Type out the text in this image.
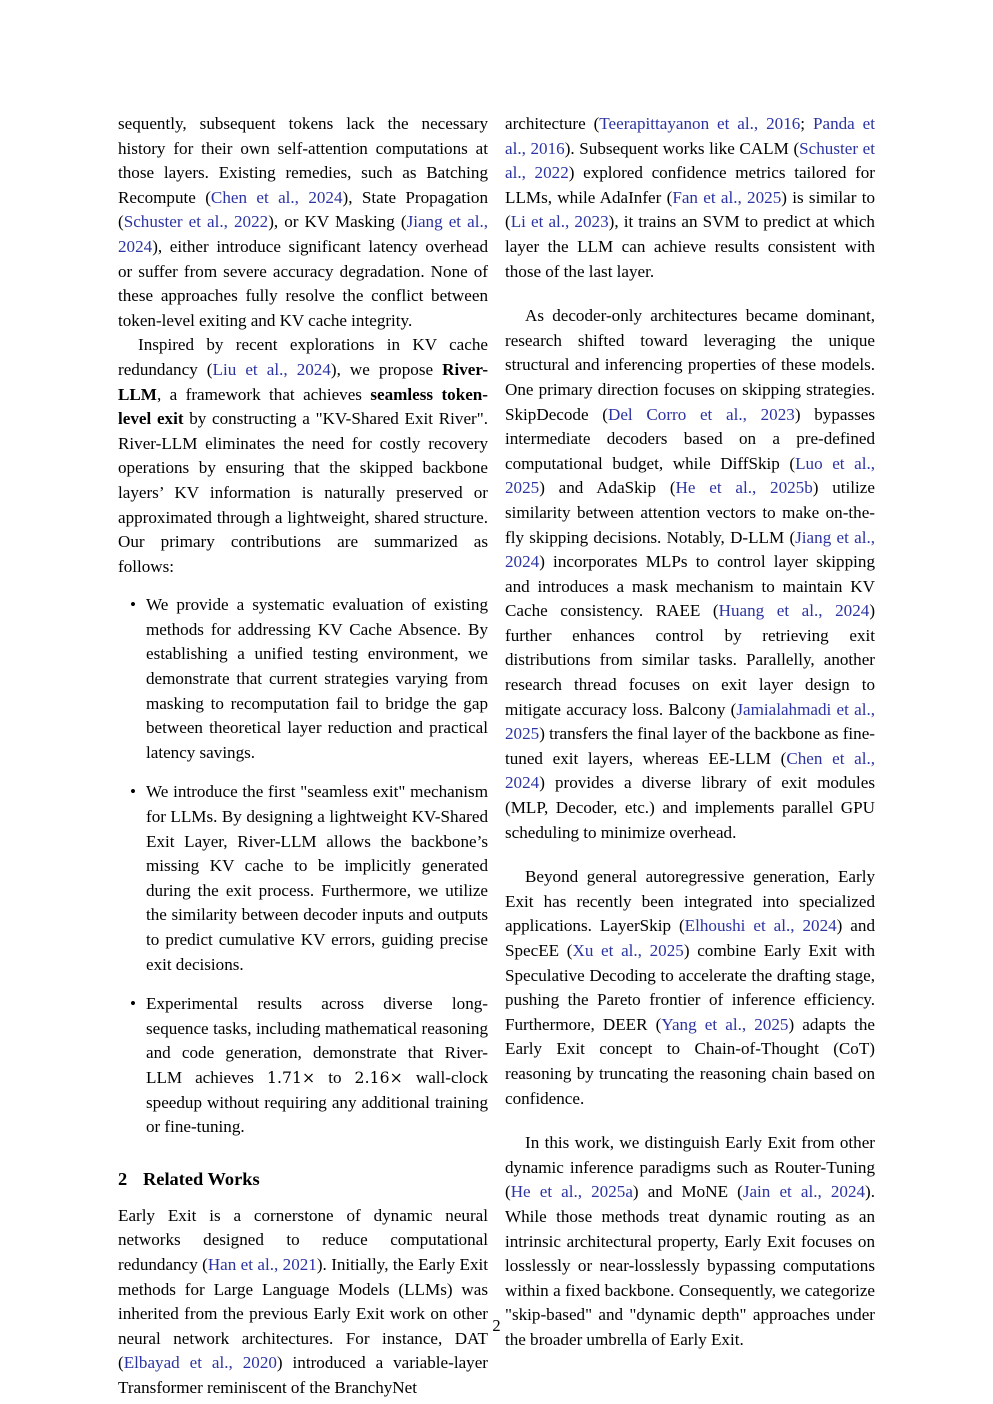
sequently, subsequent tokens lack the necessary history for their own self-attention computations at those layers. Existing remedies, such as Batching Recompute (Chen et al., 2024), State Propagation (Schuster et al., 2022), or KV Masking (Jiang et al., 2024), either introduce significant latency overhead or suffer from severe accuracy degradation. None of these approaches fully resolve the conflict between token-level exiting and KV cache integrity.

Inspired by recent explorations in KV cache redundancy (Liu et al., 2024), we propose River-LLM, a framework that achieves seamless token-level exit by constructing a "KV-Shared Exit River". River-LLM eliminates the need for costly recovery operations by ensuring that the skipped backbone layers’ KV information is naturally preserved or approximated through a lightweight, shared structure. Our primary contributions are summarized as follows:

• We provide a systematic evaluation of existing methods for addressing KV Cache Absence. By establishing a unified testing environment, we demonstrate that current strategies varying from masking to recomputation fail to bridge the gap between theoretical layer reduction and practical latency savings.
• We introduce the first "seamless exit" mechanism for LLMs. By designing a lightweight KV-Shared Exit Layer, River-LLM allows the backbone’s missing KV cache to be implicitly generated during the exit process. Furthermore, we utilize the similarity between decoder inputs and outputs to predict cumulative KV errors, guiding precise exit decisions.
• Experimental results across diverse long-sequence tasks, including mathematical reasoning and code generation, demonstrate that River-LLM achieves 1.71× to 2.16× wall-clock speedup without requiring any additional training or fine-tuning.
2 Related Works

Early Exit is a cornerstone of dynamic neural networks designed to reduce computational redundancy (Han et al., 2021). Initially, the Early Exit methods for Large Language Models (LLMs) was inherited from the previous Early Exit work on other neural network architectures. For instance, DAT (Elbayad et al., 2020) introduced a variable-layer Transformer reminiscent of the BranchyNet

architecture (Teerapittayanon et al., 2016; Panda et al., 2016). Subsequent works like CALM (Schuster et al., 2022) explored confidence metrics tailored for LLMs, while AdaInfer (Fan et al., 2025) is similar to (Li et al., 2023), it trains an SVM to predict at which layer the LLM can achieve results consistent with those of the last layer.

As decoder-only architectures became dominant, research shifted toward leveraging the unique structural and inferencing properties of these models. One primary direction focuses on skipping strategies. SkipDecode (Del Corro et al., 2023) bypasses intermediate decoders based on a pre-defined computational budget, while DiffSkip (Luo et al., 2025) and AdaSkip (He et al., 2025b) utilize similarity between attention vectors to make on-the-fly skipping decisions. Notably, D-LLM (Jiang et al., 2024) incorporates MLPs to control layer skipping and introduces a mask mechanism to maintain KV Cache consistency. RAEE (Huang et al., 2024) further enhances control by retrieving exit distributions from similar tasks. Parallelly, another research thread focuses on exit layer design to mitigate accuracy loss. Balcony (Jamialahmadi et al., 2025) transfers the final layer of the backbone as fine-tuned exit layers, whereas EE-LLM (Chen et al., 2024) provides a diverse library of exit modules (MLP, Decoder, etc.) and implements parallel GPU scheduling to minimize overhead.

Beyond general autoregressive generation, Early Exit has recently been integrated into specialized applications. LayerSkip (Elhoushi et al., 2024) and SpecEE (Xu et al., 2025) combine Early Exit with Speculative Decoding to accelerate the drafting stage, pushing the Pareto frontier of inference efficiency. Furthermore, DEER (Yang et al., 2025) adapts the Early Exit concept to Chain-of-Thought (CoT) reasoning by truncating the reasoning chain based on confidence.

In this work, we distinguish Early Exit from other dynamic inference paradigms such as Router-Tuning (He et al., 2025a) and MoNE (Jain et al., 2024). While those methods treat dynamic routing as an intrinsic architectural property, Early Exit focuses on losslessly or near-losslessly bypassing computations within a fixed backbone. Consequently, we categorize "skip-based" and "dynamic depth" approaches under the broader umbrella of Early Exit.

2
